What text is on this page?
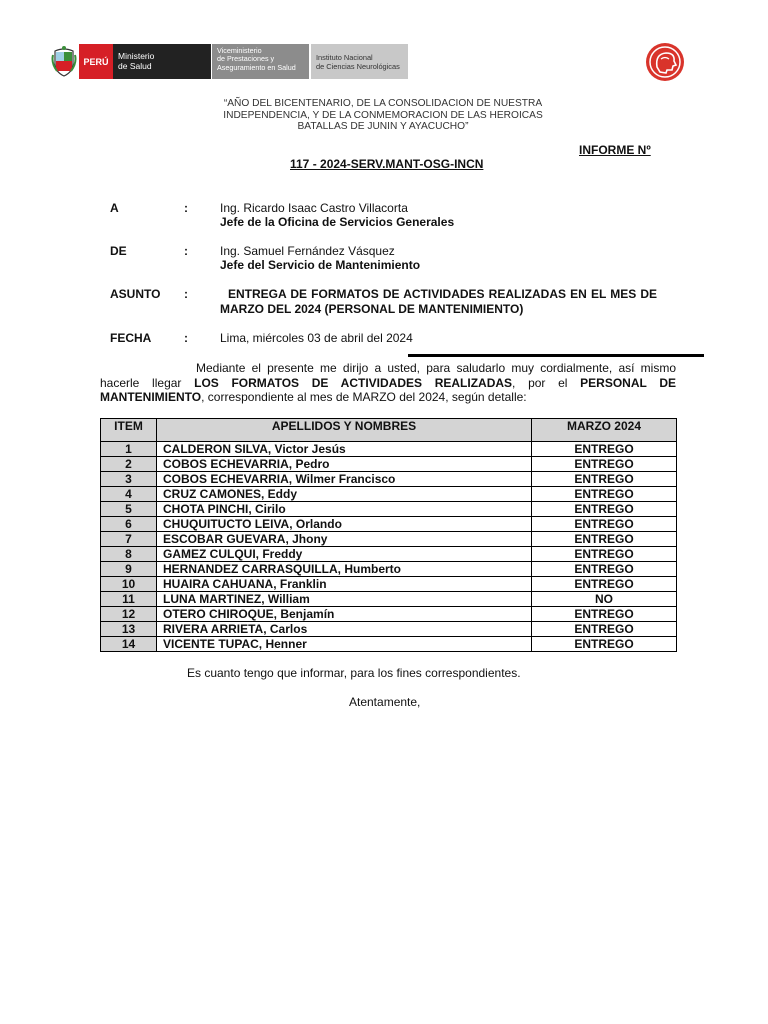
PERÚ
Ministerio
de Salud
Viceministerio
de Prestaciones y
Aseguramiento en Salud
Instituto Nacional
de Ciencias Neurológicas
“AÑO DEL BICENTENARIO, DE LA CONSOLIDACION DE NUESTRA INDEPENDENCIA, Y DE LA CONMEMORACION DE LAS HEROICAS BATALLAS DE JUNIN Y AYACUCHO”
INFORME Nº
117 - 2024-SERV.MANT-OSG-INCN
A	:	Ing. Ricardo Isaac Castro Villacorta
Jefe de la Oficina de Servicios Generales
DE	:	Ing. Samuel Fernández Vásquez
Jefe del Servicio de Mantenimiento
ASUNTO :	ENTREGA DE FORMATOS DE ACTIVIDADES REALIZADAS EN EL MES DE MARZO DEL 2024 (PERSONAL DE MANTENIMIENTO)
FECHA	:	Lima, miércoles 03 de abril del 2024
Mediante el presente me dirijo a usted, para saludarlo muy cordialmente, así mismo hacerle llegar LOS FORMATOS DE ACTIVIDADES REALIZADAS, por el PERSONAL DE MANTENIMIENTO, correspondiente al mes de MARZO del 2024, según detalle:
ITEM	APELLIDOS Y NOMBRES	MARZO 2024
1	CALDERON SILVA, Victor Jesús	ENTREGO
2	COBOS ECHEVARRIA, Pedro	ENTREGO
3	COBOS ECHEVARRIA, Wilmer Francisco	ENTREGO
4	CRUZ CAMONES, Eddy	ENTREGO
5	CHOTA PINCHI, Cirilo	ENTREGO
6	CHUQUITUCTO LEIVA, Orlando	ENTREGO
7	ESCOBAR GUEVARA, Jhony	ENTREGO
8	GAMEZ CULQUI, Freddy	ENTREGO
9	HERNANDEZ CARRASQUILLA, Humberto	ENTREGO
10	HUAIRA CAHUANA, Franklin	ENTREGO
11	LUNA MARTINEZ, William	NO
12	OTERO CHIROQUE, Benjamín	ENTREGO
13	RIVERA ARRIETA, Carlos	ENTREGO
14	VICENTE TUPAC, Henner	ENTREGO
Es cuanto tengo que informar, para los fines correspondientes.
Atentamente,
